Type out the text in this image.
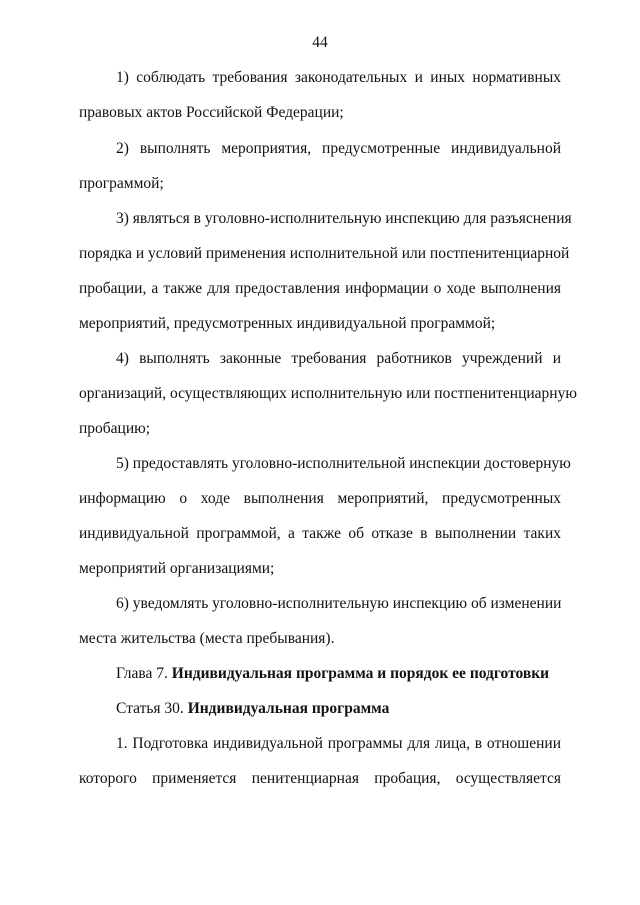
44
1) соблюдать требования законодательных и иных нормативных
правовых актов Российской Федерации;
2) выполнять мероприятия, предусмотренные индивидуальной
программой;
3) являться в уголовно-исполнительную инспекцию для разъяснения
порядка и условий применения исполнительной или постпенитенциарной
пробации, а также для предоставления информации о ходе выполнения
мероприятий, предусмотренных индивидуальной программой;
4) выполнять законные требования работников учреждений и
организаций, осуществляющих исполнительную или постпенитенциарную
пробацию;
5) предоставлять уголовно-исполнительной инспекции достоверную
информацию о ходе выполнения мероприятий, предусмотренных
индивидуальной программой, а также об отказе в выполнении таких
мероприятий организациями;
6) уведомлять уголовно-исполнительную инспекцию об изменении
места жительства (места пребывания).
Глава 7. Индивидуальная программа и порядок ее подготовки
Статья 30. Индивидуальная программа
1. Подготовка индивидуальной программы для лица, в отношении
которого применяется пенитенциарная пробация, осуществляется
